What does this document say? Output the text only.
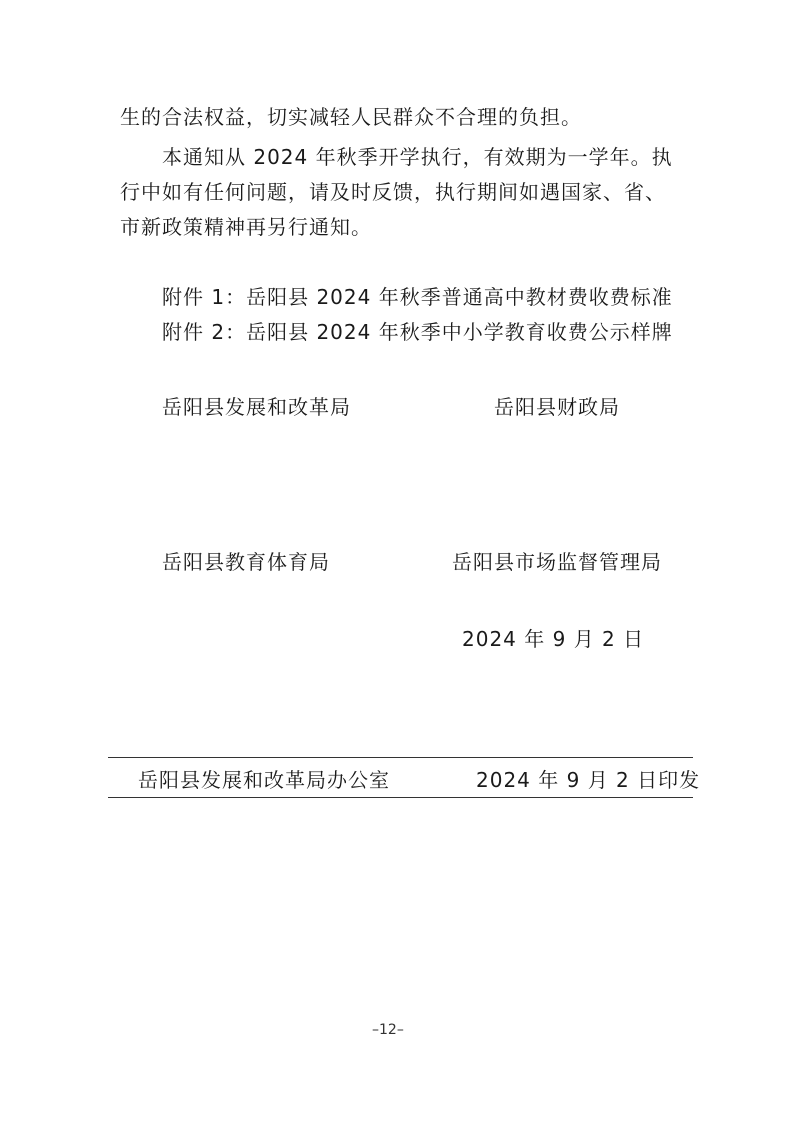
生的合法权益，切实减轻人民群众不合理的负担。
本通知从 2024 年秋季开学执行，有效期为一学年。执
行中如有任何问题，请及时反馈，执行期间如遇国家、省、
市新政策精神再另行通知。
附件 1：岳阳县 2024 年秋季普通高中教材费收费标准
附件 2：岳阳县 2024 年秋季中小学教育收费公示样牌
岳阳县发展和改革局	岳阳县财政局
岳阳县教育体育局	岳阳县市场监督管理局
2024 年 9 月 2 日
岳阳县发展和改革局办公室	2024 年 9 月 2 日印发
–12–
